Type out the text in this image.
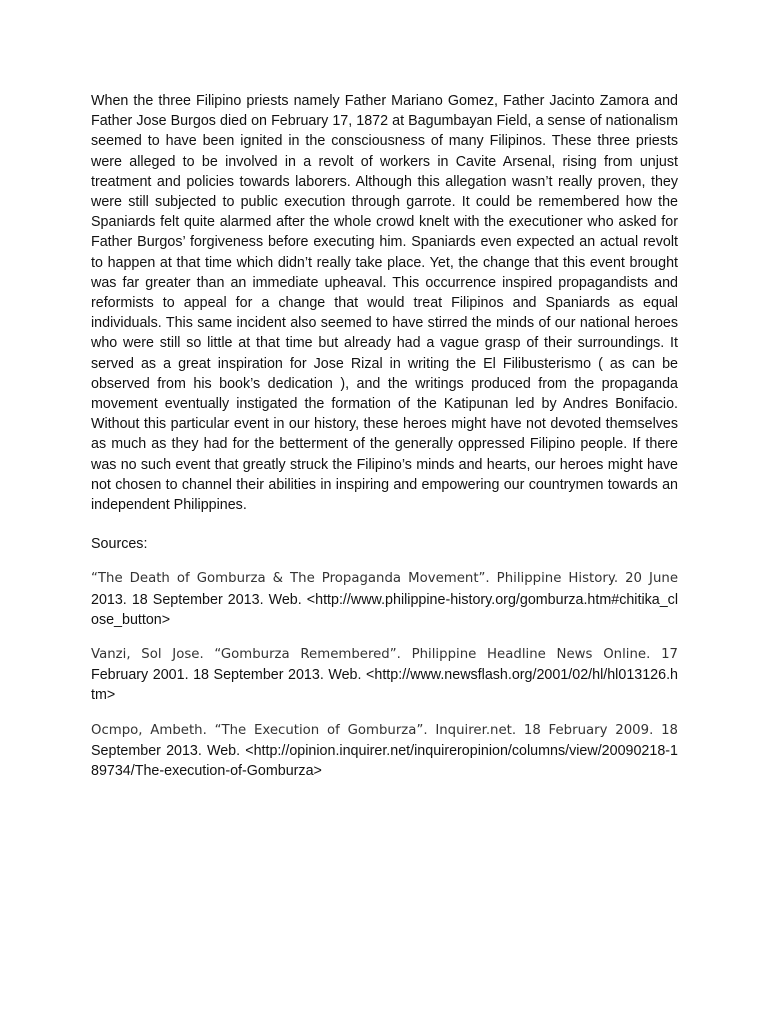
When the three Filipino priests namely Father Mariano Gomez, Father Jacinto Zamora and Father Jose Burgos died on February 17, 1872 at Bagumbayan Field, a sense of nationalism seemed to have been ignited in the consciousness of many Filipinos. These three priests were alleged to be involved in a revolt of workers in Cavite Arsenal, rising from unjust treatment and policies towards laborers. Although this allegation wasn’t really proven, they were still subjected to public execution through garrote. It could be remembered how the Spaniards felt quite alarmed after the whole crowd knelt with the executioner who asked for Father Burgos’ forgiveness before executing him. Spaniards even expected an actual revolt to happen at that time which didn’t really take place. Yet, the change that this event brought was far greater than an immediate upheaval. This occurrence inspired propagandists and reformists to appeal for a change that would treat Filipinos and Spaniards as equal individuals. This same incident also seemed to have stirred the minds of our national heroes who were still so little at that time but already had a vague grasp of their surroundings. It served as a great inspiration for Jose Rizal in writing the El Filibusterismo ( as can be observed from his book’s dedication ), and the writings produced from the propaganda movement eventually instigated the formation of the Katipunan led by Andres Bonifacio. Without this particular event in our history, these heroes might have not devoted themselves as much as they had for the betterment of the generally oppressed Filipino people. If there was no such event that greatly struck the Filipino’s minds and hearts, our heroes might have not chosen to channel their abilities in inspiring and empowering our countrymen towards an independent Philippines.

Sources:

“The Death of Gomburza & The Propaganda Movement”. Philippine History. 20 June 2013. 18 September 2013. Web. <http://www.philippine-history.org/gomburza.htm#chitika_close_button>

Vanzi, Sol Jose. “Gomburza Remembered”. Philippine Headline News Online. 17 February 2001. 18 September 2013. Web. <http://www.newsflash.org/2001/02/hl/hl013126.htm>

Ocmpo, Ambeth. “The Execution of Gomburza”. Inquirer.net. 18 February 2009. 18 September 2013. Web. <http://opinion.inquirer.net/inquireropinion/columns/view/20090218-189734/The-execution-of-Gomburza>
